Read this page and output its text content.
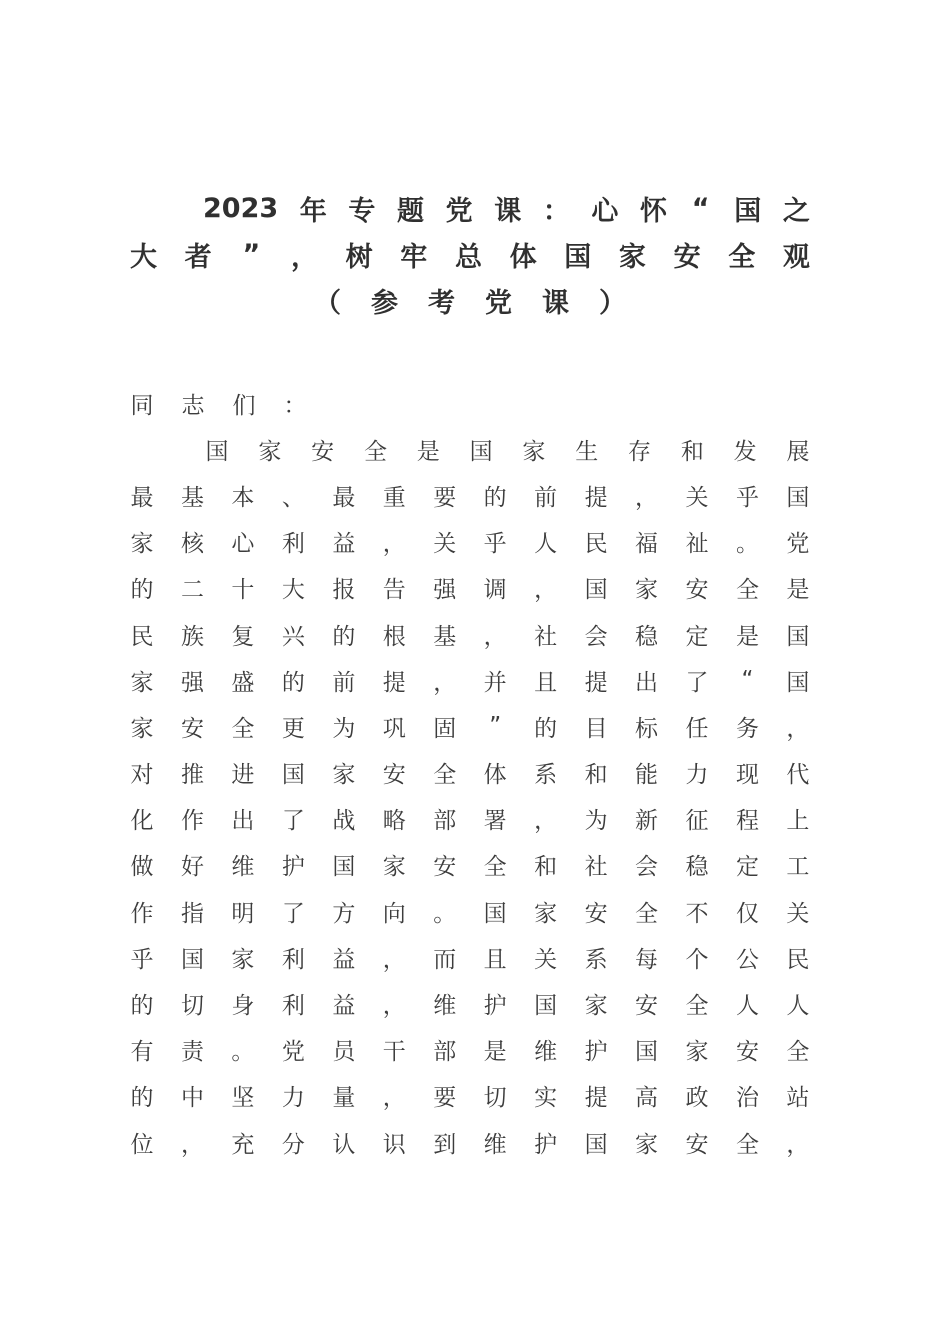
2023 年 专 题 党 课 ： 心 怀 “ 国 之
大 者 ” ， 树 牢 总 体 国 家 安 全 观
（ 参 考 党 课 ）
同 志 们 ：
国 家 安 全 是 国 家 生 存 和 发 展
最 基 本 、 最 重 要 的 前 提 ， 关 乎 国
家 核 心 利 益 ， 关 乎 人 民 福 祉 。 党
的 二 十 大 报 告 强 调 ， 国 家 安 全 是
民 族 复 兴 的 根 基 ， 社 会 稳 定 是 国
家 强 盛 的 前 提 ， 并 且 提 出 了 “ 国
家 安 全 更 为 巩 固 ” 的 目 标 任 务 ，
对 推 进 国 家 安 全 体 系 和 能 力 现 代
化 作 出 了 战 略 部 署 ， 为 新 征 程 上
做 好 维 护 国 家 安 全 和 社 会 稳 定 工
作 指 明 了 方 向 。 国 家 安 全 不 仅 关
乎 国 家 利 益 ， 而 且 关 系 每 个 公 民
的 切 身 利 益 ， 维 护 国 家 安 全 人 人
有 责 。 党 员 干 部 是 维 护 国 家 安 全
的 中 坚 力 量 ， 要 切 实 提 高 政 治 站
位 ， 充 分 认 识 到 维 护 国 家 安 全 ，
